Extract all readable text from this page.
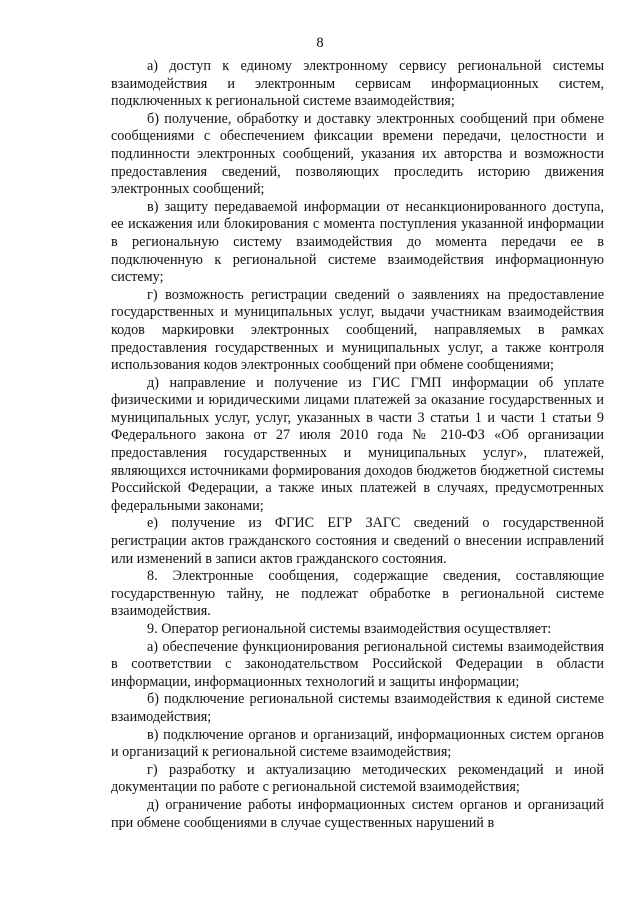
8

а) доступ к единому электронному сервису региональной системы взаимодействия и электронным сервисам информационных систем, подключенных к региональной системе взаимодействия;

б) получение, обработку и доставку электронных сообщений при обмене сообщениями с обеспечением фиксации времени передачи, целостности и подлинности электронных сообщений, указания их авторства и возможности предоставления сведений, позволяющих проследить историю движения электронных сообщений;

в) защиту передаваемой информации от несанкционированного доступа, ее искажения или блокирования с момента поступления указанной информации в региональную систему взаимодействия до момента передачи ее в подключенную к региональной системе взаимодействия информационную систему;

г) возможность регистрации сведений о заявлениях на предоставление государственных и муниципальных услуг, выдачи участникам взаимодействия кодов маркировки электронных сообщений, направляемых в рамках предоставления государственных и муниципальных услуг, а также контроля использования кодов электронных сообщений при обмене сообщениями;

д) направление и получение из ГИС ГМП информации об уплате физическими и юридическими лицами платежей за оказание государственных и муниципальных услуг, услуг, указанных в части 3 статьи 1 и части 1 статьи 9 Федерального закона от 27 июля 2010 года № 210-ФЗ «Об организации предоставления государственных и муниципальных услуг», платежей, являющихся источниками формирования доходов бюджетов бюджетной системы Российской Федерации, а также иных платежей в случаях, предусмотренных федеральными законами;

е) получение из ФГИС ЕГР ЗАГС сведений о государственной регистрации актов гражданского состояния и сведений о внесении исправлений или изменений в записи актов гражданского состояния.

8. Электронные сообщения, содержащие сведения, составляющие государственную тайну, не подлежат обработке в региональной системе взаимодействия.

9. Оператор региональной системы взаимодействия осуществляет:

а) обеспечение функционирования региональной системы взаимодействия в соответствии с законодательством Российской Федерации в области информации, информационных технологий и защиты информации;

б) подключение региональной системы взаимодействия к единой системе взаимодействия;

в) подключение органов и организаций, информационных систем органов и организаций к региональной системе взаимодействия;

г) разработку и актуализацию методических рекомендаций и иной документации по работе с региональной системой взаимодействия;

д) ограничение работы информационных систем органов и организаций при обмене сообщениями в случае существенных нарушений в
